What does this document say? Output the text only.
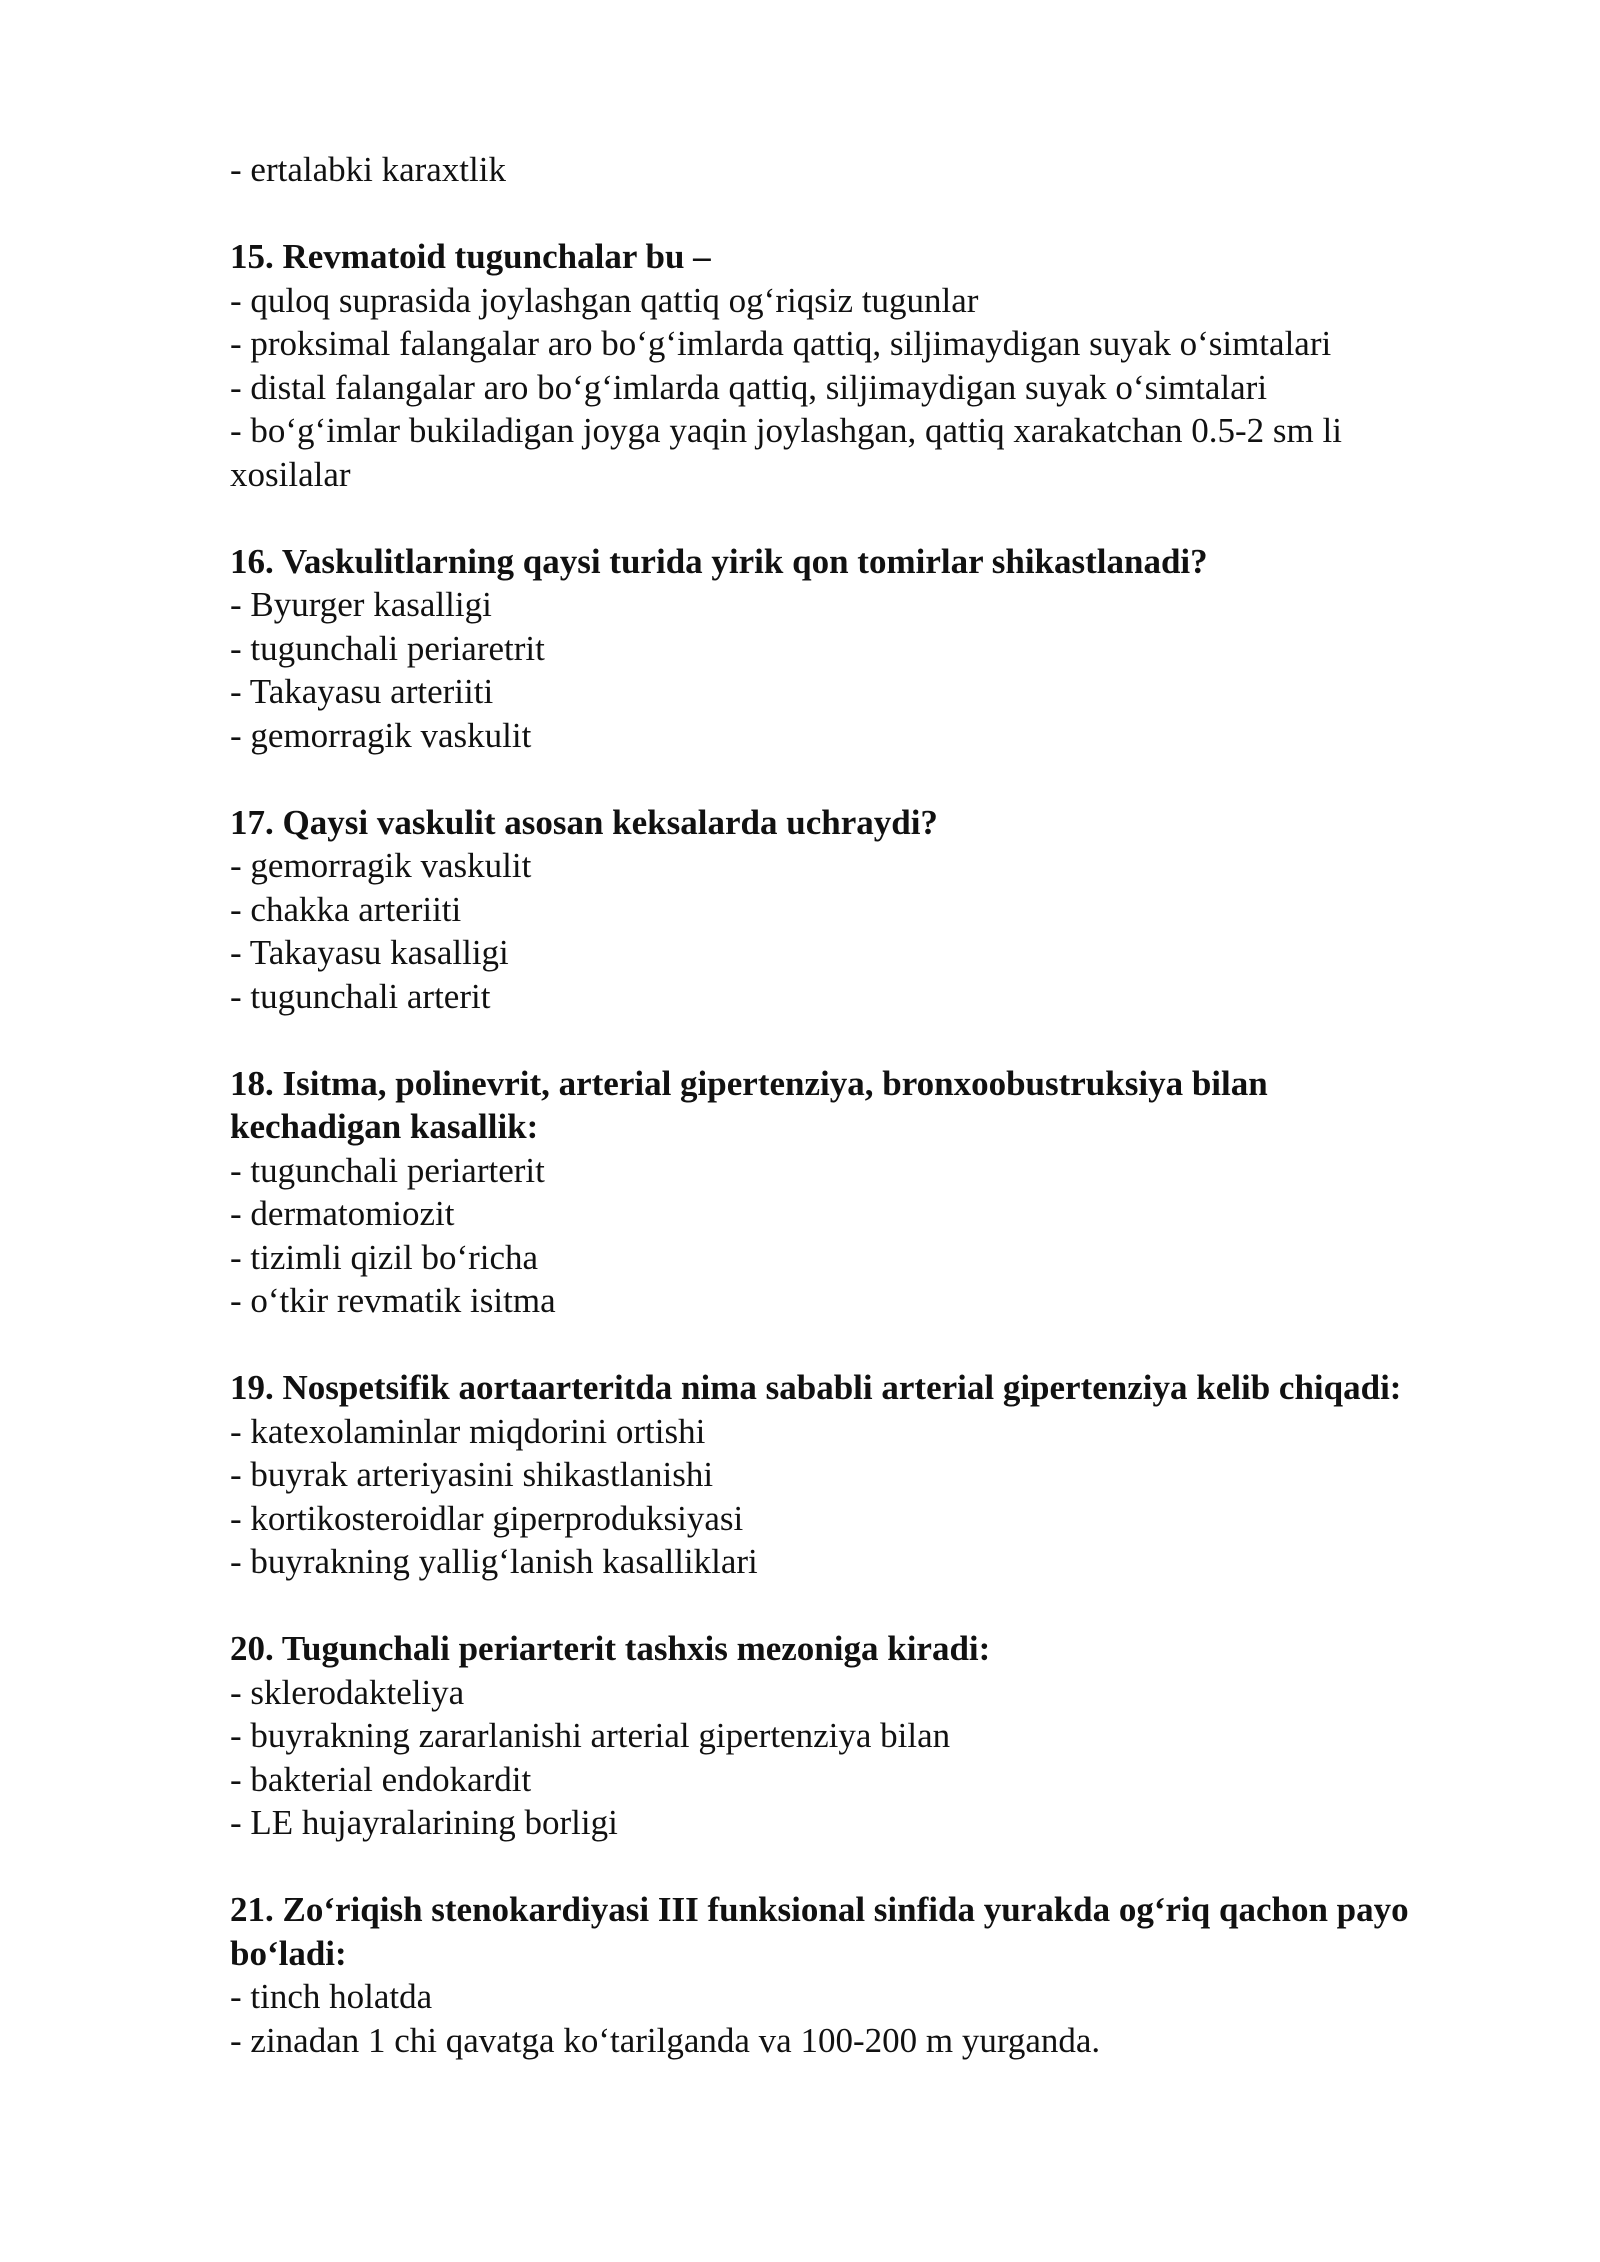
- ertalabki karaxtlik

15. Revmatoid tugunchalar bu –

- quloq suprasida joylashgan qattiq og‘riqsiz tugunlar

- proksimal falangalar aro bo‘g‘imlarda qattiq, siljimaydigan suyak o‘simtalari

- distal falangalar aro bo‘g‘imlarda qattiq, siljimaydigan suyak o‘simtalari

- bo‘g‘imlar bukiladigan joyga yaqin joylashgan, qattiq xarakatchan 0.5-2 sm li xosilalar

16. Vaskulitlarning qaysi turida yirik qon tomirlar shikastlanadi?

- Byurger kasalligi

- tugunchali periaretrit

- Takayasu arteriiti

- gemorragik vaskulit

17. Qaysi vaskulit asosan keksalarda uchraydi?

- gemorragik vaskulit

- chakka arteriiti

- Takayasu kasalligi

- tugunchali arterit

18. Isitma, polinevrit, arterial gipertenziya, bronxoobustruksiya bilan kechadigan kasallik:

- tugunchali periarterit

- dermatomiozit

- tizimli qizil bo‘richa

- o‘tkir revmatik isitma

19. Nospetsifik aortaarteritda nima sababli arterial gipertenziya kelib chiqadi:

- katexolaminlar miqdorini ortishi

- buyrak arteriyasini shikastlanishi

- kortikosteroidlar giperproduksiyasi

- buyrakning yallig‘lanish kasalliklari

20. Tugunchali periarterit tashxis mezoniga kiradi:

- sklerodakteliya

- buyrakning zararlanishi arterial gipertenziya bilan

- bakterial endokardit

- LE hujayralarining borligi

21. Zo‘riqish stenokardiyasi III funksional sinfida yurakda og‘riq qachon payo bo‘ladi:

- tinch holatda

- zinadan 1 chi qavatga ko‘tarilganda va 100-200 m yurganda.
